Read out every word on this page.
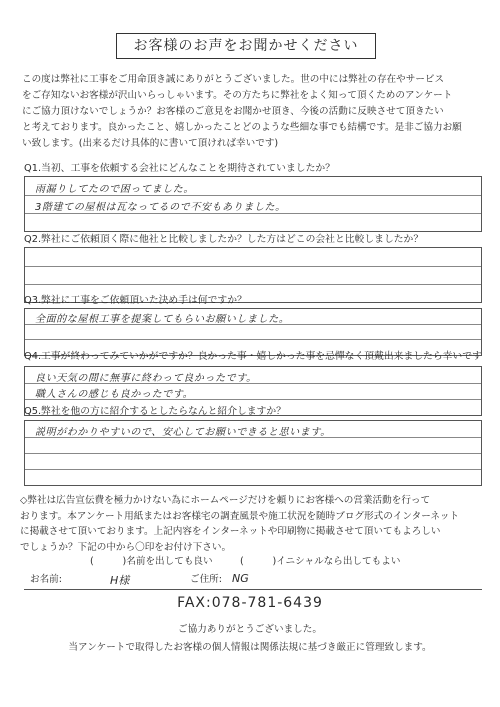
お客様のお声をお聞かせください
この度は弊社に工事をご用命頂き誠にありがとうございました。世の中には弊社の存在やサービス
をご存知ないお客様が沢山いらっしゃいます。その方たちに弊社をよく知って頂くためのアンケート
にご協力頂けないでしょうか？お客様のご意見をお聞かせ頂き、今後の活動に反映させて頂きたい
と考えております。良かったこと、嬉しかったことどのような些細な事でも結構です。是非ご協力お願
い致します。(出来るだけ具体的に書いて頂ければ幸いです)
Q1.当初、工事を依頼する会社にどんなことを期待されていましたか？
雨漏りしてたので困ってました。
3階建ての屋根は瓦なってるので不安もありました。
Q2.弊社にご依頼頂く際に他社と比較しましたか？した方はどこの会社と比較しましたか？
Q3.弊社に工事をご依頼頂いた決め手は何ですか？
全面的な屋根工事を提案してもらいお願いしました。
Q4.工事が終わってみていかがですか？良かった事・嬉しかった事を忌憚なく頂戴出来ましたら幸いです
良い天気の間に無事に終わって良かったです。
職人さんの感じも良かったです。
Q5.弊社を他の方に紹介するとしたらなんと紹介しますか？
説明がわかりやすいので、安心してお願いできると思います。
◇弊社は広告宣伝費を極力かけない為にホームページだけを頼りにお客様への営業活動を行って
おります。本アンケート用紙またはお客様宅の調査風景や施工状況を随時ブログ形式のインターネット
に掲載させて頂いております。上記内容をインターネットや印刷物に掲載させて頂いてもよろしい
でしょうか？下記の中から〇印をお付け下さい。
(　　　)名前を出しても良い	(　　　)イニシャルなら出してもよい
お名前:	H様	ご住所: NG
FAX:078-781-6439
ご協力ありがとうございました。
当アンケートで取得したお客様の個人情報は関係法規に基づき厳正に管理致します。
